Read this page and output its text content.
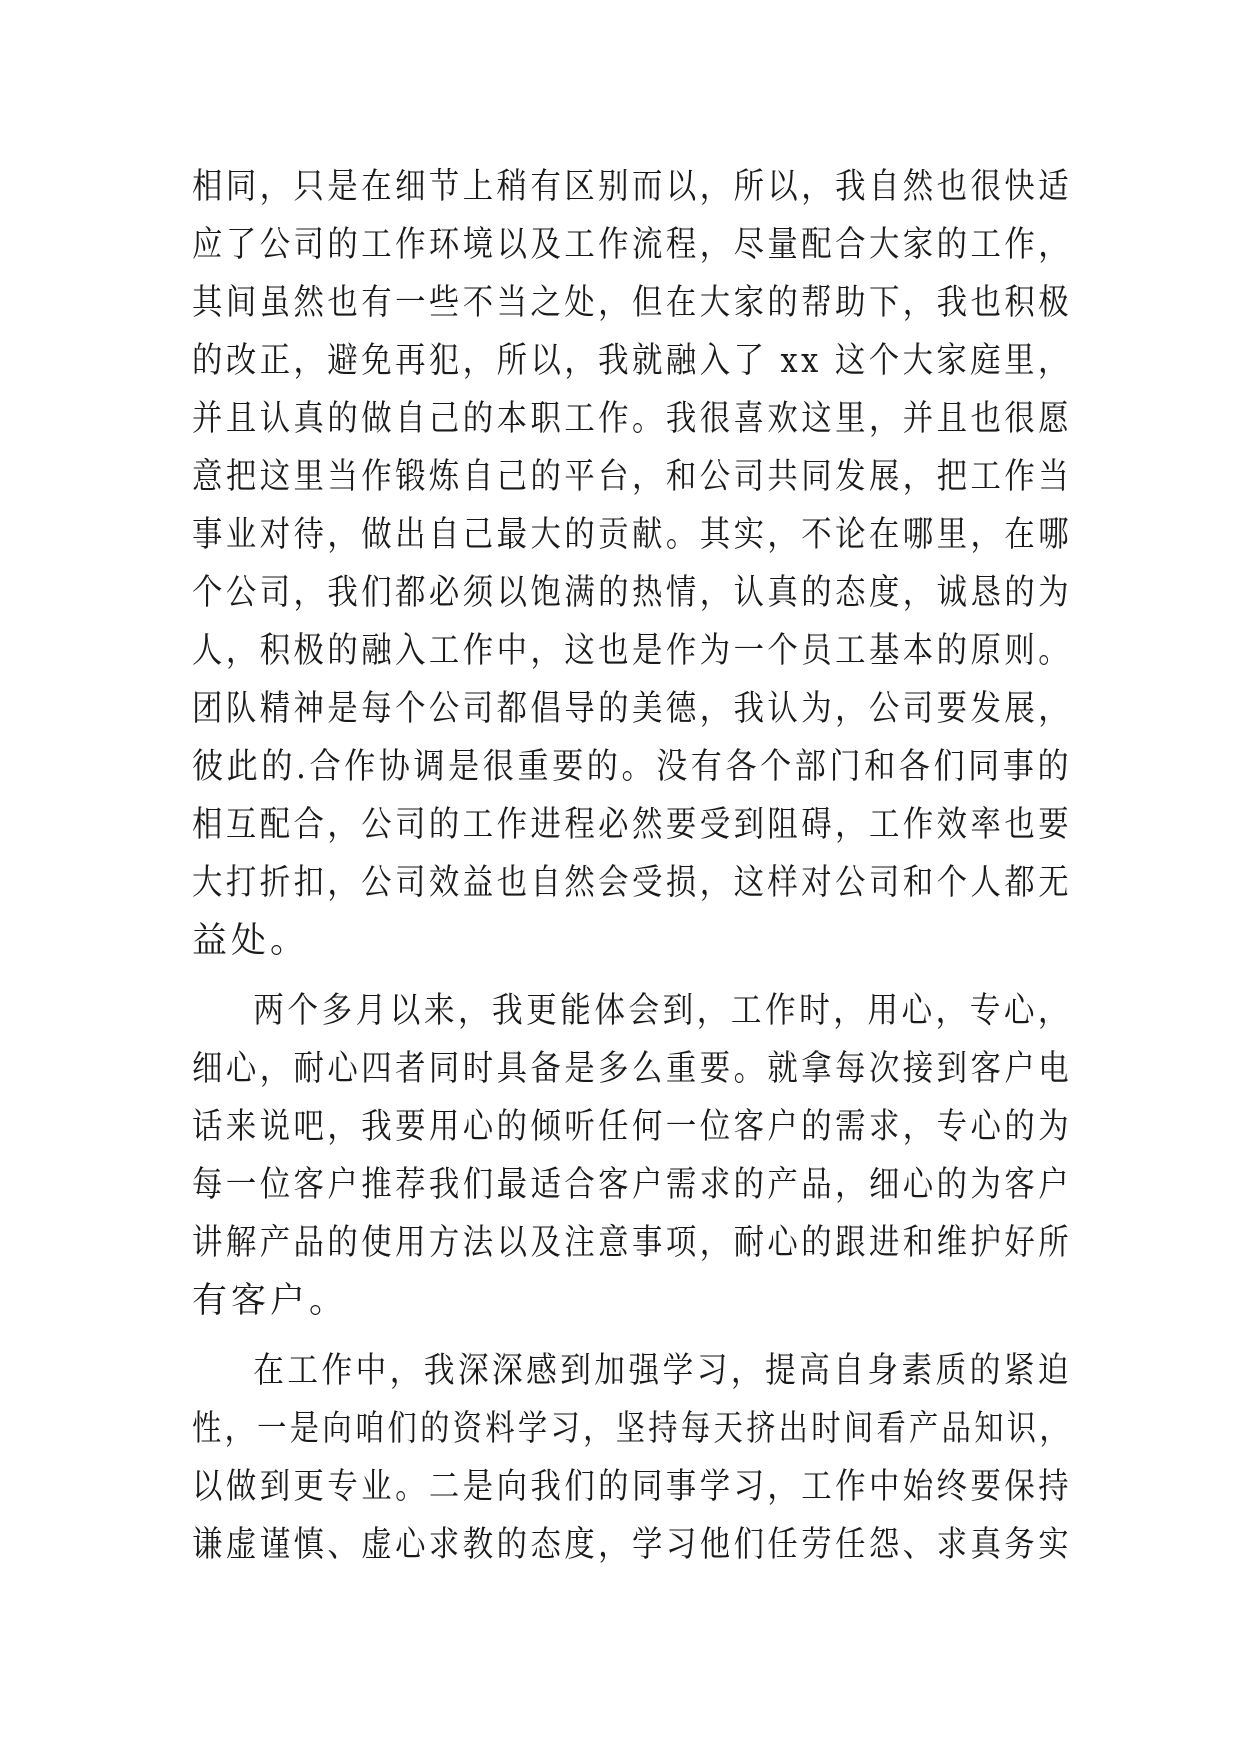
相同，只是在细节上稍有区别而以，所以，我自然也很快适
应了公司的工作环境以及工作流程，尽量配合大家的工作，
其间虽然也有一些不当之处，但在大家的帮助下，我也积极
的改正，避免再犯，所以，我就融入了 xx 这个大家庭里，
并且认真的做自己的本职工作。我很喜欢这里，并且也很愿
意把这里当作锻炼自己的平台，和公司共同发展，把工作当
事业对待，做出自己最大的贡献。其实，不论在哪里，在哪
个公司，我们都必须以饱满的热情，认真的态度，诚恳的为
人，积极的融入工作中，这也是作为一个员工基本的原则。
团队精神是每个公司都倡导的美德，我认为，公司要发展，
彼此的.合作协调是很重要的。没有各个部门和各们同事的
相互配合，公司的工作进程必然要受到阻碍，工作效率也要
大打折扣，公司效益也自然会受损，这样对公司和个人都无
益处。
两个多月以来，我更能体会到，工作时，用心，专心，
细心，耐心四者同时具备是多么重要。就拿每次接到客户电
话来说吧，我要用心的倾听任何一位客户的需求，专心的为
每一位客户推荐我们最适合客户需求的产品，细心的为客户
讲解产品的使用方法以及注意事项，耐心的跟进和维护好所
有客户。
在工作中，我深深感到加强学习，提高自身素质的紧迫
性，一是向咱们的资料学习，坚持每天挤出时间看产品知识，
以做到更专业。二是向我们的同事学习，工作中始终要保持
谦虚谨慎、虚心求教的态度，学习他们任劳任怨、求真务实
